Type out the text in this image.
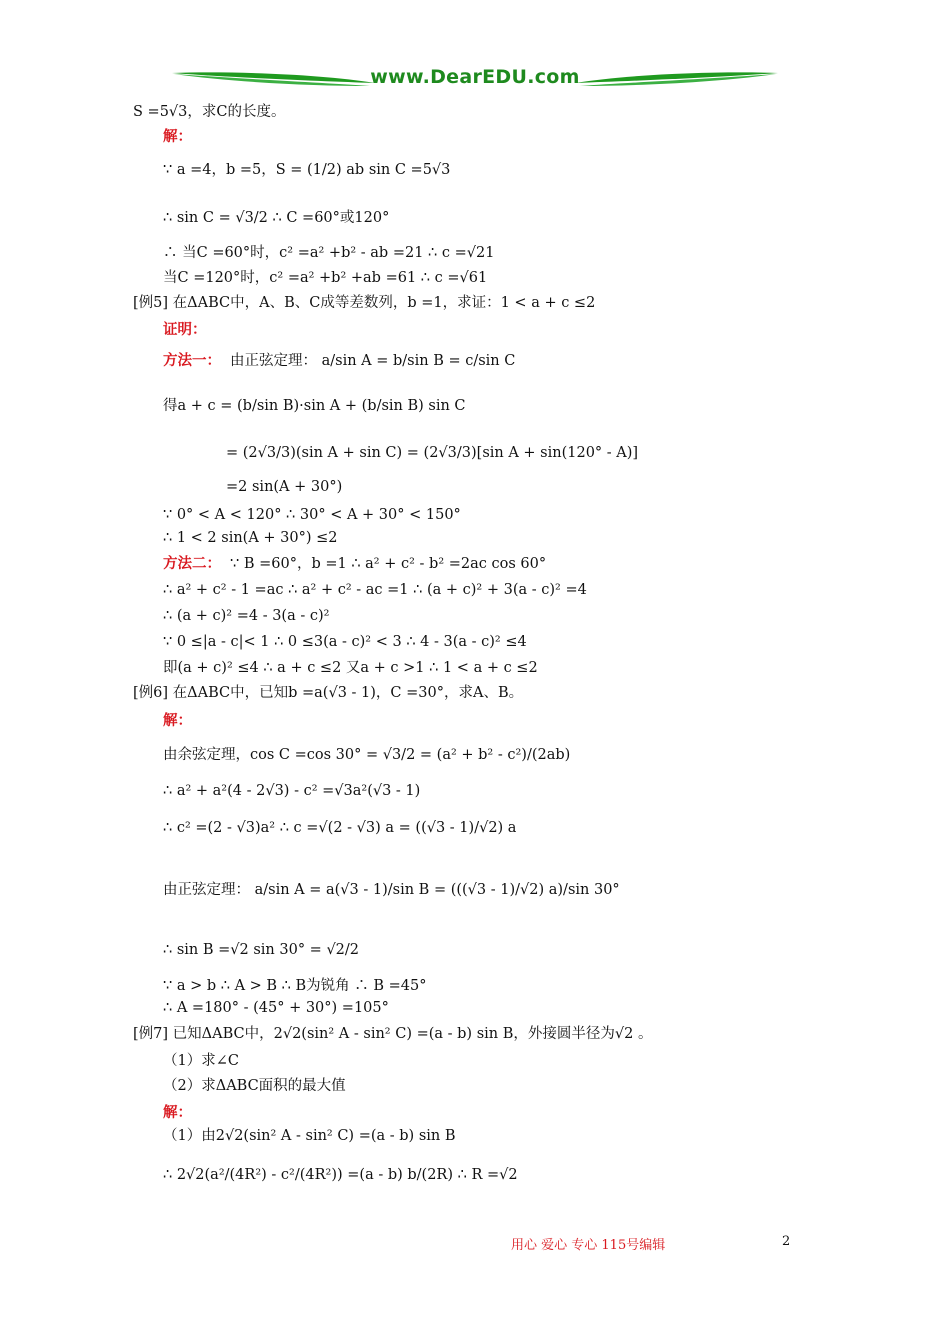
www.DearEDU.com
S =5√3，求C的长度。
解：
∵ a =4，b =5，S = (1/2) ab sin C =5√3
∴ sin C = √3/2 ∴ C =60°或120°
∴ 当C =60°时，c² =a² +b² - ab =21 ∴ c =√21
当C =120°时，c² =a² +b² +ab =61 ∴ c =√61
[例5] 在ΔABC中，A、B、C成等差数列，b =1，求证：1 < a + c ≤2
证明：
方法一： 由正弦定理： a/sin A = b/sin B = c/sin C
得a + c = (b/sin B)·sin A + (b/sin B) sin C
= (2√3/3)(sin A + sin C) = (2√3/3)[sin A + sin(120° - A)]
=2 sin(A + 30°)
∵ 0° < A < 120° ∴ 30° < A + 30° < 150°
∴ 1 < 2 sin(A + 30°) ≤2
方法二： ∵ B =60°，b =1 ∴ a² + c² - b² =2ac cos 60°
∴ a² + c² - 1 =ac ∴ a² + c² - ac =1 ∴ (a + c)² + 3(a - c)² =4
∴ (a + c)² =4 - 3(a - c)²
∵ 0 ≤|a - c|< 1 ∴ 0 ≤3(a - c)² < 3 ∴ 4 - 3(a - c)² ≤4
即(a + c)² ≤4 ∴ a + c ≤2 又a + c >1 ∴ 1 < a + c ≤2
[例6] 在ΔABC中，已知b =a(√3 - 1)，C =30°，求A、B。
解：
由余弦定理，cos C =cos 30° = √3/2 = (a² + b² - c²)/(2ab)
∴ a² + a²(4 - 2√3) - c² =√3a²(√3 - 1)
∴ c² =(2 - √3)a² ∴ c =√(2 - √3) a = ((√3 - 1)/√2) a
由正弦定理： a/sin A = a(√3 - 1)/sin B = (((√3 - 1)/√2) a)/sin 30°
∴ sin B =√2 sin 30° = √2/2
∵ a > b ∴ A > B ∴ B为锐角 ∴ B =45°
∴ A =180° - (45° + 30°) =105°
[例7] 已知ΔABC中，2√2(sin² A - sin² C) =(a - b) sin B，外接圆半径为√2 。
（1）求∠C
（2）求ΔABC面积的最大值
解：
（1）由2√2(sin² A - sin² C) =(a - b) sin B
∴ 2√2(a²/(4R²) - c²/(4R²)) =(a - b) b/(2R) ∴ R =√2
用心 爱心 专心 115号编辑	2
